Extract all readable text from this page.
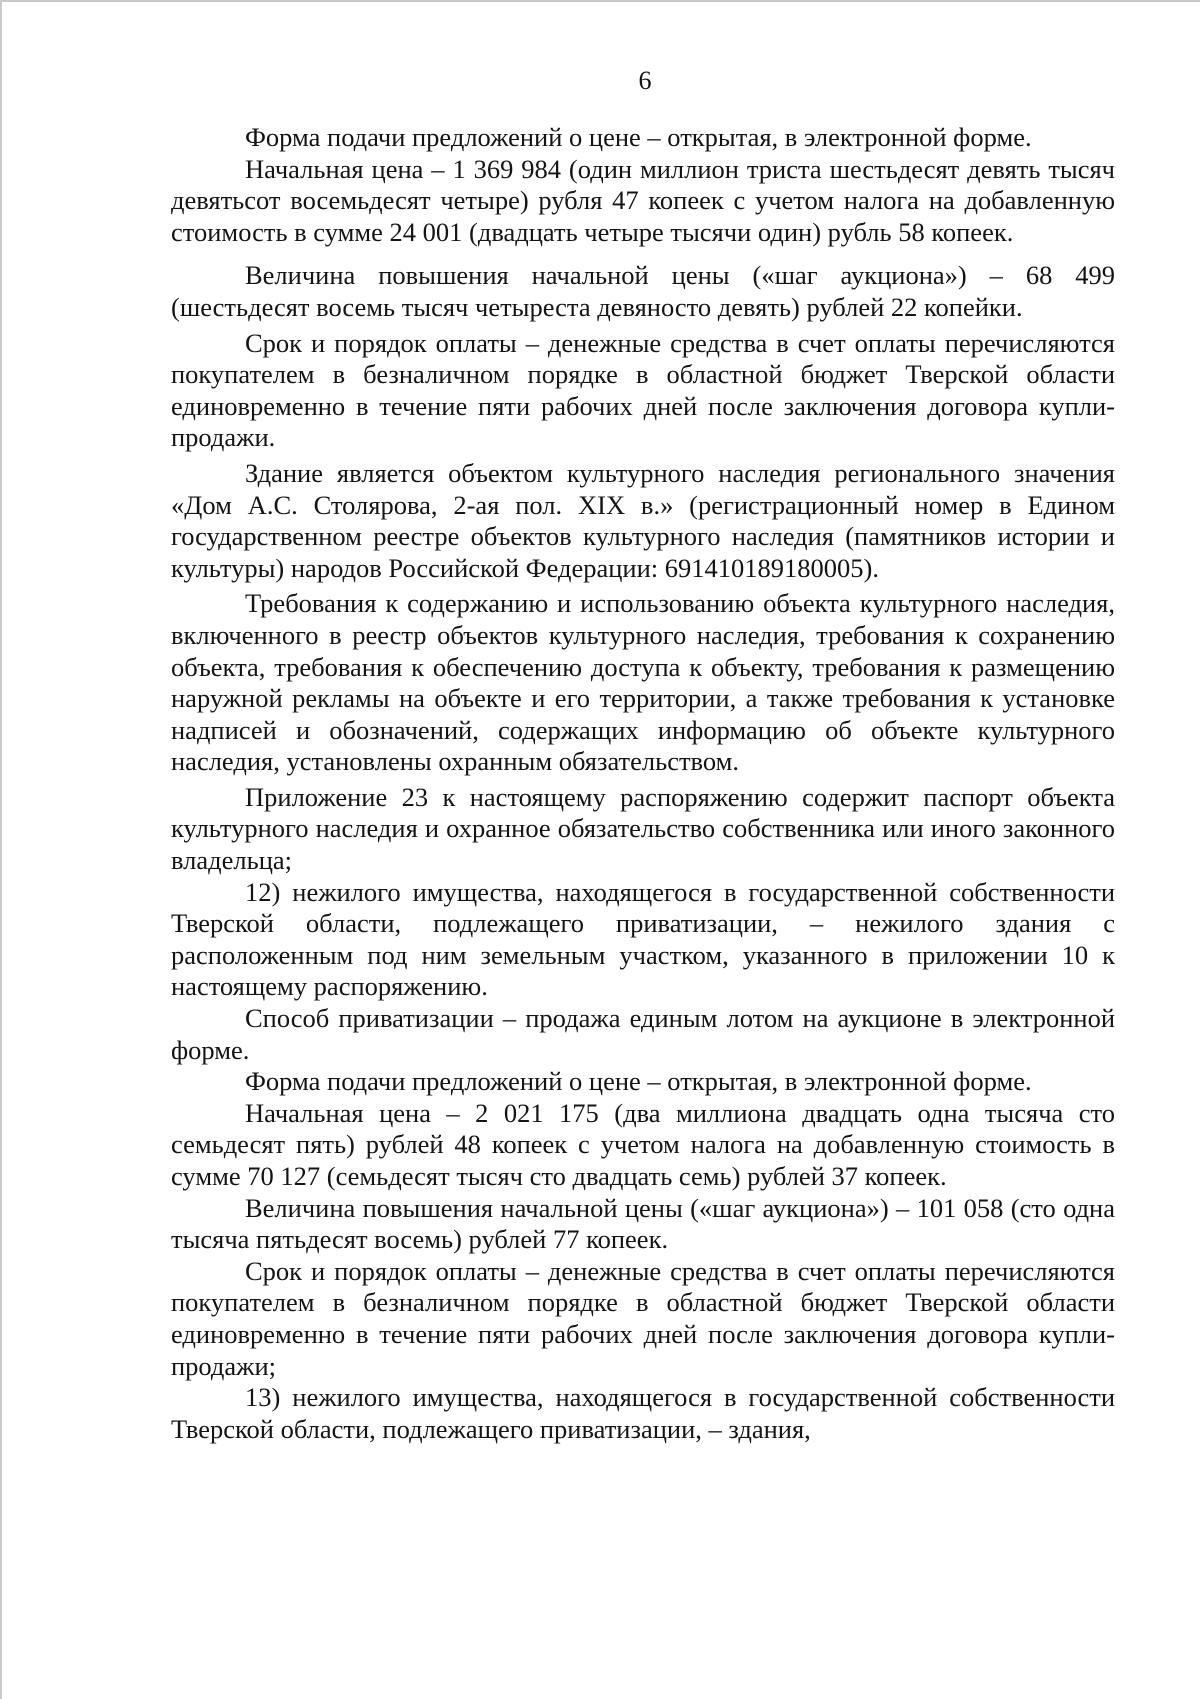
6

Форма подачи предложений о цене – открытая, в электронной форме.

Начальная цена – 1 369 984 (один миллион триста шестьдесят девять тысяч девятьсот восемьдесят четыре) рубля 47 копеек с учетом налога на добавленную стоимость в сумме 24 001 (двадцать четыре тысячи один) рубль 58 копеек.

Величина повышения начальной цены («шаг аукциона») – 68 499 (шестьдесят восемь тысяч четыреста девяносто девять) рублей 22 копейки.

Срок и порядок оплаты – денежные средства в счет оплаты перечисляются покупателем в безналичном порядке в областной бюджет Тверской области единовременно в течение пяти рабочих дней после заключения договора купли-продажи.

Здание является объектом культурного наследия регионального значения «Дом А.С. Столярова, 2-ая пол. XIX в.» (регистрационный номер в Едином государственном реестре объектов культурного наследия (памятников истории и культуры) народов Российской Федерации: 691410189180005).

Требования к содержанию и использованию объекта культурного наследия, включенного в реестр объектов культурного наследия, требования к сохранению объекта, требования к обеспечению доступа к объекту, требования к размещению наружной рекламы на объекте и его территории, а также требования к установке надписей и обозначений, содержащих информацию об объекте культурного наследия, установлены охранным обязательством.

Приложение 23 к настоящему распоряжению содержит паспорт объекта культурного наследия и охранное обязательство собственника или иного законного владельца;

12) нежилого имущества, находящегося в государственной собственности Тверской области, подлежащего приватизации, – нежилого здания с расположенным под ним земельным участком, указанного в приложении 10 к настоящему распоряжению.

Способ приватизации – продажа единым лотом на аукционе в электронной форме.

Форма подачи предложений о цене – открытая, в электронной форме.

Начальная цена – 2 021 175 (два миллиона двадцать одна тысяча сто семьдесят пять) рублей 48 копеек с учетом налога на добавленную стоимость в сумме 70 127 (семьдесят тысяч сто двадцать семь) рублей 37 копеек.

Величина повышения начальной цены («шаг аукциона») – 101 058 (сто одна тысяча пятьдесят восемь) рублей 77 копеек.

Срок и порядок оплаты – денежные средства в счет оплаты перечисляются покупателем в безналичном порядке в областной бюджет Тверской области единовременно в течение пяти рабочих дней после заключения договора купли-продажи;

13) нежилого имущества, находящегося в государственной собственности Тверской области, подлежащего приватизации, – здания,
